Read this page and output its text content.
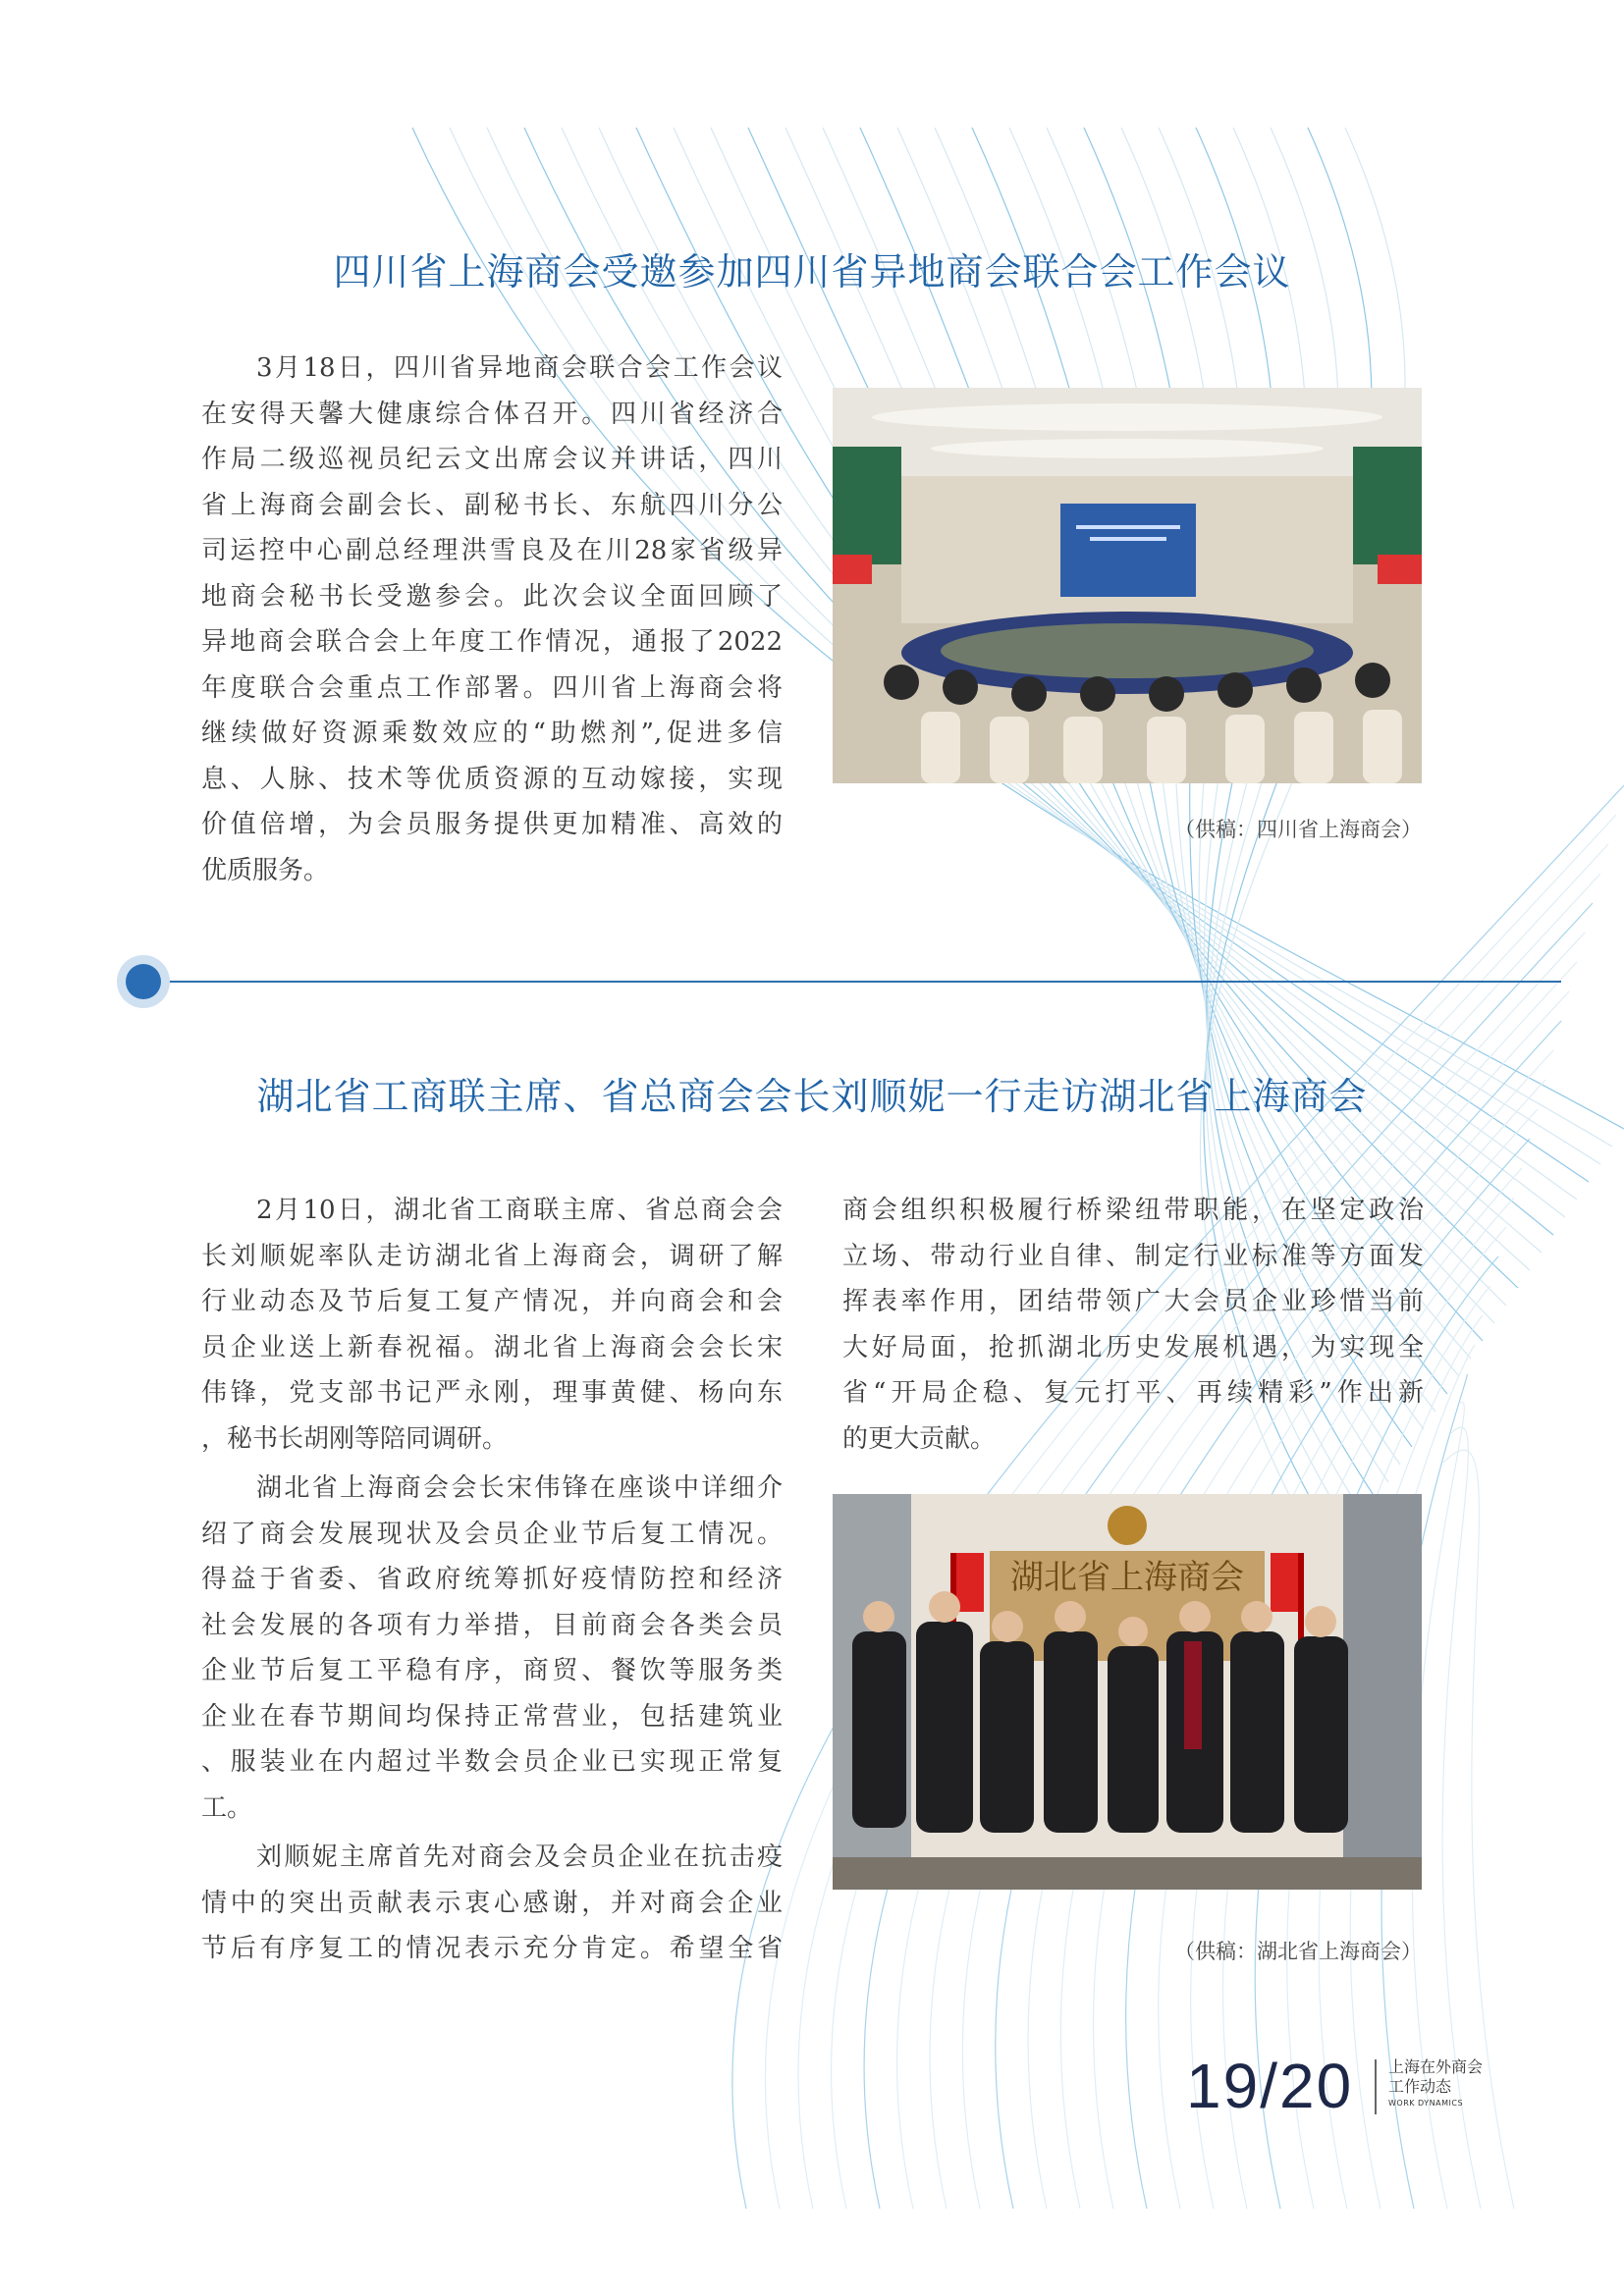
四川省上海商会受邀参加四川省异地商会联合会工作会议
3月18日，四川省异地商会联合会工作会议
在安得天馨大健康综合体召开。四川省经济合
作局二级巡视员纪云文出席会议并讲话，四川
省上海商会副会长、副秘书长、东航四川分公
司运控中心副总经理洪雪良及在川28家省级异
地商会秘书长受邀参会。此次会议全面回顾了
异地商会联合会上年度工作情况，通报了2022
年度联合会重点工作部署。四川省上海商会将
继续做好资源乘数效应的“助燃剂”,促进多信
息、人脉、技术等优质资源的互动嫁接，实现
价值倍增，为会员服务提供更加精准、高效的
优质服务。
（供稿：四川省上海商会）
湖北省工商联主席、省总商会会长刘顺妮一行走访湖北省上海商会
2月10日，湖北省工商联主席、省总商会会
长刘顺妮率队走访湖北省上海商会，调研了解
行业动态及节后复工复产情况，并向商会和会
员企业送上新春祝福。湖北省上海商会会长宋
伟锋，党支部书记严永刚，理事黄健、杨向东
，秘书长胡刚等陪同调研。
湖北省上海商会会长宋伟锋在座谈中详细介
绍了商会发展现状及会员企业节后复工情况。
得益于省委、省政府统筹抓好疫情防控和经济
社会发展的各项有力举措，目前商会各类会员
企业节后复工平稳有序，商贸、餐饮等服务类
企业在春节期间均保持正常营业，包括建筑业
、服装业在内超过半数会员企业已实现正常复
工。
刘顺妮主席首先对商会及会员企业在抗击疫
情中的突出贡献表示衷心感谢，并对商会企业
节后有序复工的情况表示充分肯定。希望全省
商会组织积极履行桥梁纽带职能，在坚定政治
立场、带动行业自律、制定行业标准等方面发
挥表率作用，团结带领广大会员企业珍惜当前
大好局面，抢抓湖北历史发展机遇，为实现全
省“开局企稳、复元打平、再续精彩”作出新
的更大贡献。
湖北省上海商会
（供稿：湖北省上海商会）
19/20 上海在外商会
工作动态
WORK DYNAMICS
